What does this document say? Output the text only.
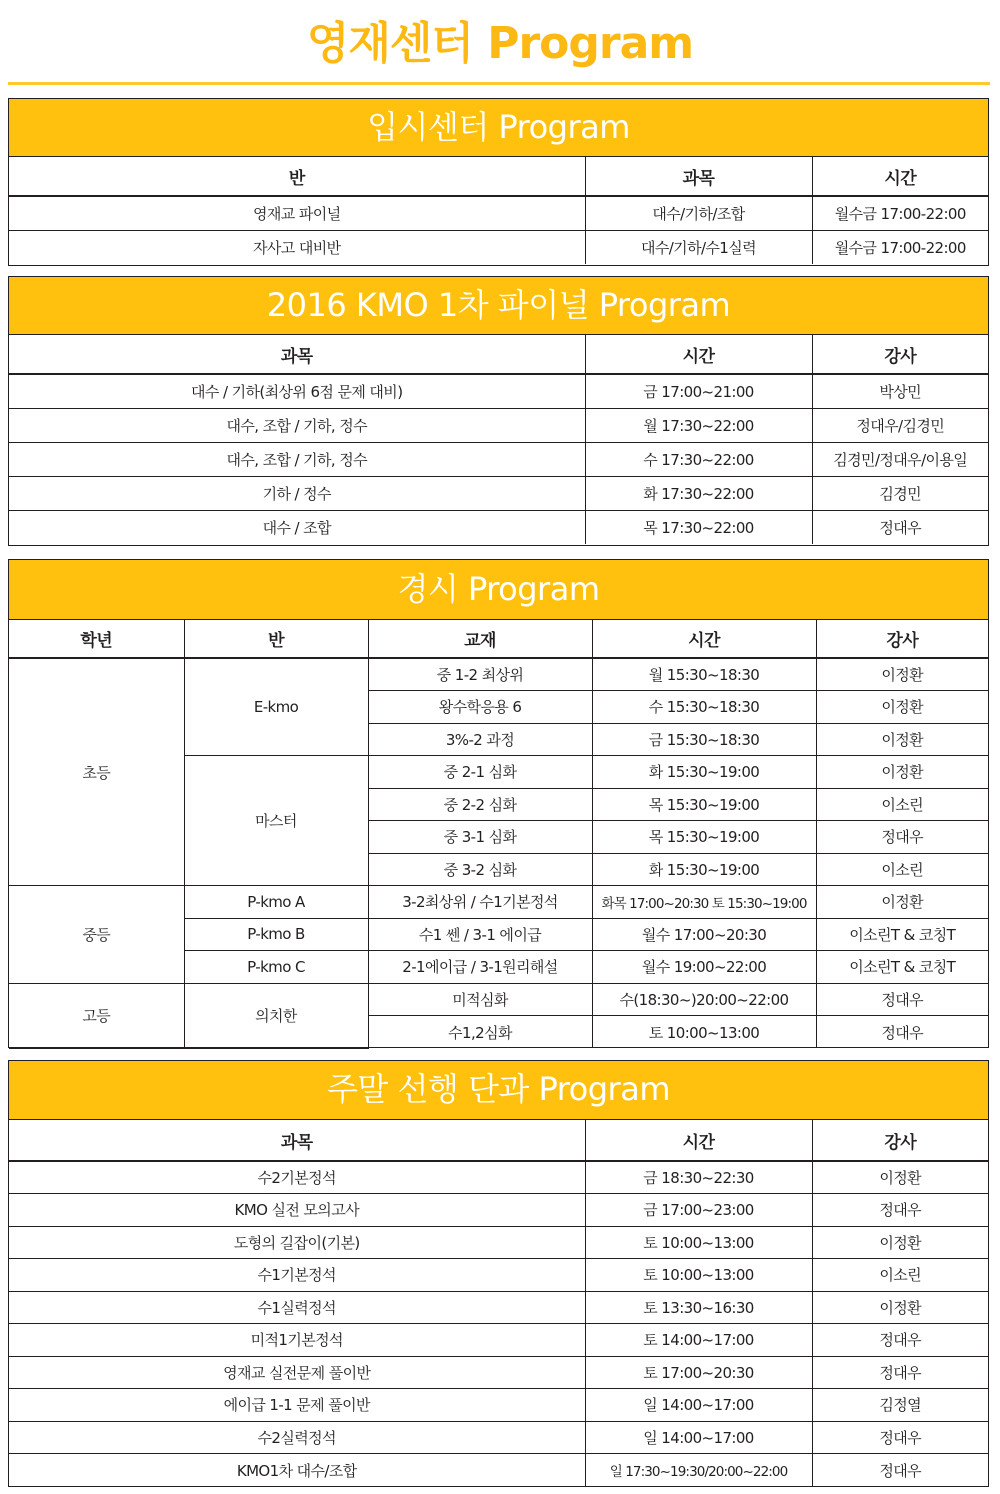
영재센터 Program
입시센터 Program
반	과목	시간
영재교 파이널	대수/기하/조합	월수금 17:00-22:00
자사고 대비반	대수/기하/수1실력	월수금 17:00-22:00
2016 KMO 1차 파이널 Program
과목	시간	강사
대수 / 기하(최상위 6점 문제 대비)	금 17:00~21:00	박상민
대수, 조합 / 기하, 정수	월 17:30~22:00	정대우/김경민
대수, 조합 / 기하, 정수	수 17:30~22:00	김경민/정대우/이용일
기하 / 정수	화 17:30~22:00	김경민
대수 / 조합	목 17:30~22:00	정대우
경시 Program
학년	반	교재	시간	강사
초등	E-kmo	중 1-2 최상위	월 15:30~18:30	이정환
		왕수학응용 6	수 15:30~18:30	이정환
		3%-2 과정	금 15:30~18:30	이정환
	마스터	중 2-1 심화	화 15:30~19:00	이정환
		중 2-2 심화	목 15:30~19:00	이소린
		중 3-1 심화	목 15:30~19:00	정대우
		중 3-2 심화	화 15:30~19:00	이소린
중등	P-kmo A	3-2최상위 / 수1기본정석	화목 17:00~20:30 토 15:30~19:00	이정환
	P-kmo B	수1 쎈 / 3-1 에이급	월수 17:00~20:30	이소린T & 코칭T
	P-kmo C	2-1에이급 / 3-1원리해설	월수 19:00~22:00	이소린T & 코칭T
고등	의치한	미적심화	수(18:30~)20:00~22:00	정대우
		수1,2심화	토 10:00~13:00	정대우
주말 선행 단과 Program
과목	시간	강사
수2기본정석	금 18:30~22:30	이정환
KMO 실전 모의고사	금 17:00~23:00	정대우
도형의 길잡이(기본)	토 10:00~13:00	이정환
수1기본정석	토 10:00~13:00	이소린
수1실력정석	토 13:30~16:30	이정환
미적1기본정석	토 14:00~17:00	정대우
영재교 실전문제 풀이반	토 17:00~20:30	정대우
에이급 1-1 문제 풀이반	일 14:00~17:00	김정열
수2실력정석	일 14:00~17:00	정대우
KMO1차 대수/조합	일 17:30~19:30/20:00~22:00	정대우
